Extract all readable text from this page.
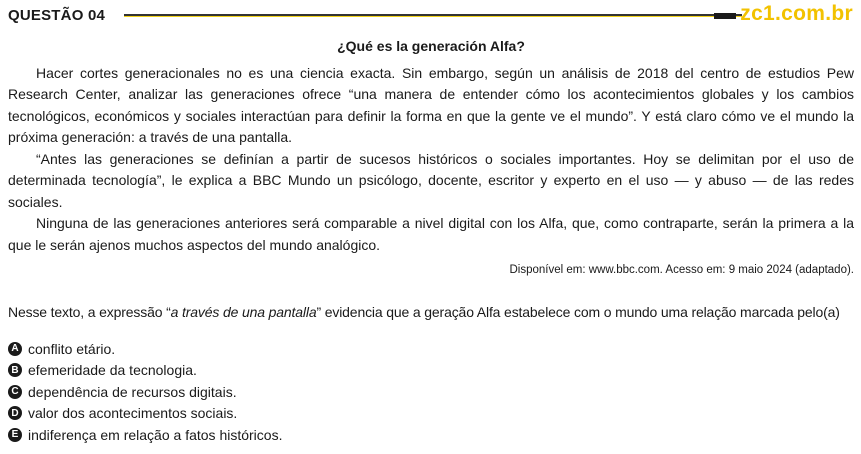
QUESTÃO 04	zc1.com.br
¿Qué es la generación Alfa?

Hacer cortes generacionales no es una ciencia exacta. Sin embargo, según un análisis de 2018 del centro de estudios Pew Research Center, analizar las generaciones ofrece “una manera de entender cómo los acontecimientos globales y los cambios tecnológicos, económicos y sociales interactúan para definir la forma en que la gente ve el mundo”. Y está claro cómo ve el mundo la próxima generación: a través de una pantalla.

“Antes las generaciones se definían a partir de sucesos históricos o sociales importantes. Hoy se delimitan por el uso de determinada tecnología”, le explica a BBC Mundo un psicólogo, docente, escritor y experto en el uso — y abuso — de las redes sociales.

Ninguna de las generaciones anteriores será comparable a nivel digital con los Alfa, que, como contraparte, serán la primera a la que le serán ajenos muchos aspectos del mundo analógico.

Disponível em: www.bbc.com. Acesso em: 9 maio 2024 (adaptado).
Nesse texto, a expressão “a través de una pantalla” evidencia que a geração Alfa estabelece com o mundo uma relação marcada pelo(a)
A conflito etário.
B efemeridade da tecnologia.
C dependência de recursos digitais.
D valor dos acontecimentos sociais.
E indiferença em relação a fatos históricos.
